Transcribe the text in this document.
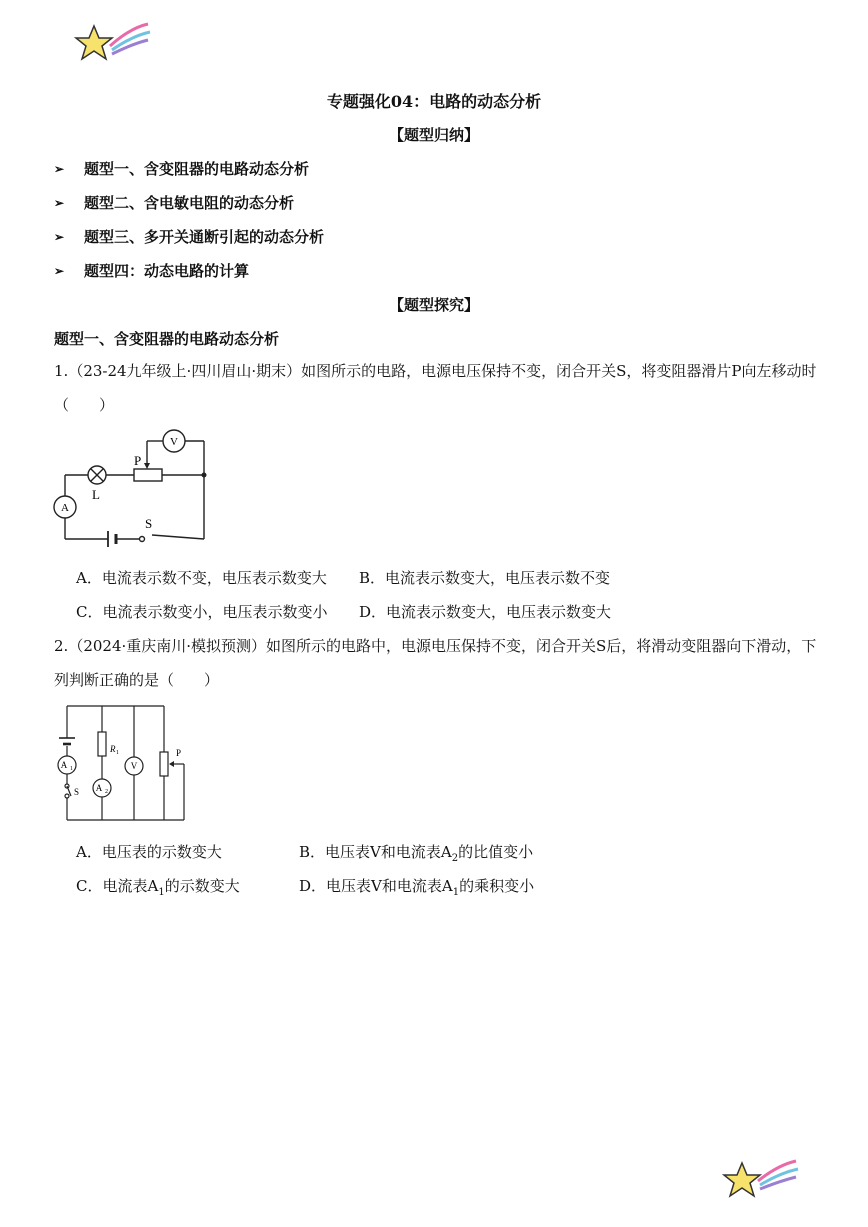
专题强化04：电路的动态分析
【题型归纳】
➢	题型一、含变阻器的电路动态分析
➢	题型二、含电敏电阻的动态分析
➢	题型三、多开关通断引起的动态分析
➢	题型四：动态电路的计算
【题型探究】
题型一、含变阻器的电路动态分析
1.（23-24九年级上·四川眉山·期末）如图所示的电路，电源电压保持不变，闭合开关S，将变阻器滑片P向左移动时（　　）
V
A
L
P
S
A．电流表示数不变，电压表示数变大 B．电流表示数变大，电压表示数不变
C．电流表示数变小，电压表示数变小 D．电流表示数变大，电压表示数变大
2.（2024·重庆南川·模拟预测）如图所示的电路中，电源电压保持不变，闭合开关S后，将滑动变阻器向下滑动，下列判断正确的是（　　）
A 1
A 2
V
R 1	P
S
A．电压表的示数变大	B．电压表V和电流表$A_2$的比值变小
C．电流表$A_1$的示数变大	D．电压表V和电流表$A_1$的乘积变小
